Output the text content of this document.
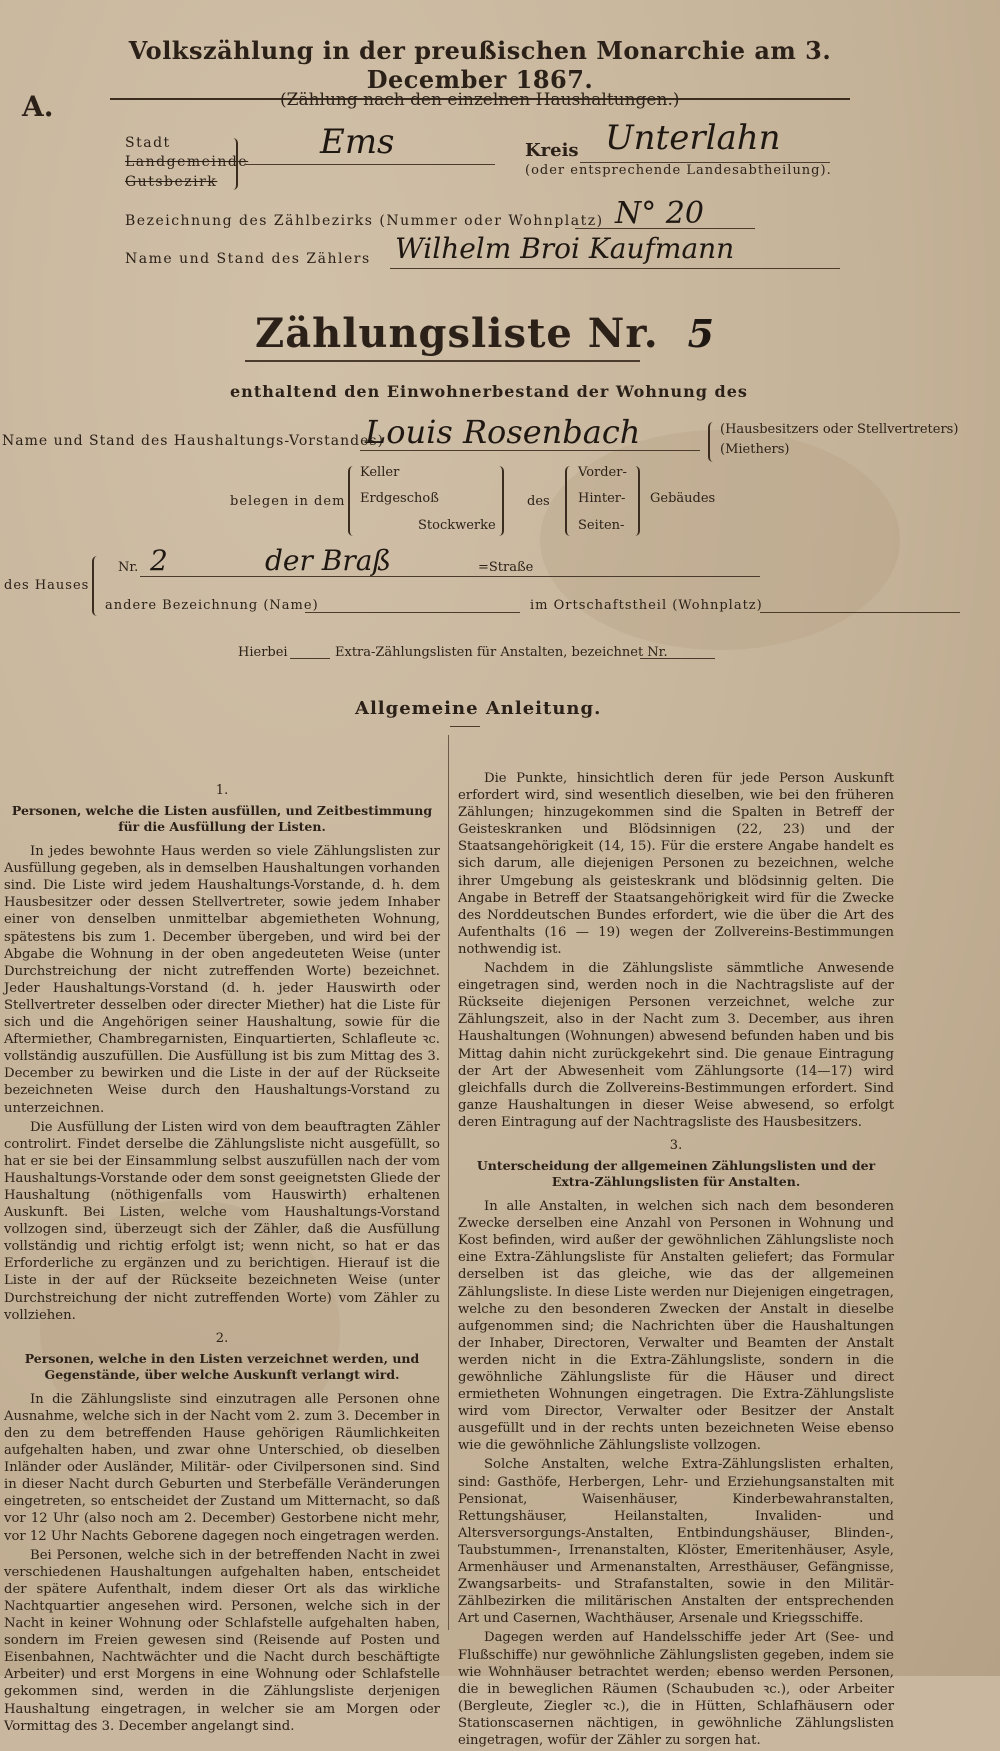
Volkszählung in der preußischen Monarchie am 3. December 1867.
A.	(Zählung nach den einzelnen Haushaltungen.)
Stadt
Landgemeinde
Gutsbezirk
Ems	Kreis Unterlahn
(oder entsprechende Landesabtheilung).
Bezeichnung des Zählbezirks (Nummer oder Wohnplatz) N° 20
Name und Stand des Zählers Wilhelm Broi Kaufmann
Zählungsliste Nr. 5
enthaltend den Einwohnerbestand der Wohnung des
Name und Stand des Haushaltungs-Vorstandes)
Louis Rosenbach	(Hausbesitzers oder Stellvertreters)
(Miethers)
belegen in dem
Keller
Erdgeschoß
Stockwerke
des
Vorder-
Hinter-
Seiten-
Gebäudes
des Hauses
Nr. 2	der Braß	=Straße
andere Bezeichnung (Name)	im Ortschaftstheil (Wohnplatz)
Hierbei	Extra-Zählungslisten für Anstalten, bezeichnet Nr.
Allgemeine Anleitung.
1.
Personen, welche die Listen ausfüllen, und Zeitbestimmung für die Ausfüllung der Listen.

In jedes bewohnte Haus werden so viele Zählungslisten zur Ausfüllung gegeben, als in demselben Haushaltungen vorhanden sind. Die Liste wird jedem Haushaltungs-Vorstande, d. h. dem Hausbesitzer oder dessen Stellvertreter, sowie jedem Inhaber einer von denselben unmittelbar abgemietheten Wohnung, spätestens bis zum 1. December übergeben, und wird bei der Abgabe die Wohnung in der oben angedeuteten Weise (unter Durchstreichung der nicht zutreffenden Worte) bezeichnet. Jeder Haushaltungs-Vorstand (d. h. jeder Hauswirth oder Stellvertreter desselben oder directer Miether) hat die Liste für sich und die Angehörigen seiner Haushaltung, sowie für die Aftermiether, Chambregarnisten, Einquartierten, Schlafleute ꝛc. vollständig auszufüllen. Die Ausfüllung ist bis zum Mittag des 3. December zu bewirken und die Liste in der auf der Rückseite bezeichneten Weise durch den Haushaltungs-Vorstand zu unterzeichnen.

Die Ausfüllung der Listen wird von dem beauftragten Zähler controlirt. Findet derselbe die Zählungsliste nicht ausgefüllt, so hat er sie bei der Einsammlung selbst auszufüllen nach der vom Haushaltungs-Vorstande oder dem sonst geeignetsten Gliede der Haushaltung (nöthigenfalls vom Hauswirth) erhaltenen Auskunft. Bei Listen, welche vom Haushaltungs-Vorstand vollzogen sind, überzeugt sich der Zähler, daß die Ausfüllung vollständig und richtig erfolgt ist; wenn nicht, so hat er das Erforderliche zu ergänzen und zu berichtigen. Hierauf ist die Liste in der auf der Rückseite bezeichneten Weise (unter Durchstreichung der nicht zutreffenden Worte) vom Zähler zu vollziehen.

2.
Personen, welche in den Listen verzeichnet werden, und Gegenstände, über welche Auskunft verlangt wird.

In die Zählungsliste sind einzutragen alle Personen ohne Ausnahme, welche sich in der Nacht vom 2. zum 3. December in den zu dem betreffenden Hause gehörigen Räumlichkeiten aufgehalten haben, und zwar ohne Unterschied, ob dieselben Inländer oder Ausländer, Militär- oder Civilpersonen sind. Sind in dieser Nacht durch Geburten und Sterbefälle Veränderungen eingetreten, so entscheidet der Zustand um Mitternacht, so daß vor 12 Uhr (also noch am 2. December) Gestorbene nicht mehr, vor 12 Uhr Nachts Geborene dagegen noch eingetragen werden.

Bei Personen, welche sich in der betreffenden Nacht in zwei verschiedenen Haushaltungen aufgehalten haben, entscheidet der spätere Aufenthalt, indem dieser Ort als das wirkliche Nachtquartier angesehen wird. Personen, welche sich in der Nacht in keiner Wohnung oder Schlafstelle aufgehalten haben, sondern im Freien gewesen sind (Reisende auf Posten und Eisenbahnen, Nachtwächter und die Nacht durch beschäftigte Arbeiter) und erst Morgens in eine Wohnung oder Schlafstelle gekommen sind, werden in die Zählungsliste derjenigen Haushaltung eingetragen, in welcher sie am Morgen oder Vormittag des 3. December angelangt sind.

Die Punkte, hinsichtlich deren für jede Person Auskunft erfordert wird, sind wesentlich dieselben, wie bei den früheren Zählungen; hinzugekommen sind die Spalten in Betreff der Geisteskranken und Blödsinnigen (22, 23) und der Staatsangehörigkeit (14, 15). Für die erstere Angabe handelt es sich darum, alle diejenigen Personen zu bezeichnen, welche ihrer Umgebung als geisteskrank und blödsinnig gelten. Die Angabe in Betreff der Staatsangehörigkeit wird für die Zwecke des Norddeutschen Bundes erfordert, wie die über die Art des Aufenthalts (16 — 19) wegen der Zollvereins-Bestimmungen nothwendig ist.

Nachdem in die Zählungsliste sämmtliche Anwesende eingetragen sind, werden noch in die Nachtragsliste auf der Rückseite diejenigen Personen verzeichnet, welche zur Zählungszeit, also in der Nacht zum 3. December, aus ihren Haushaltungen (Wohnungen) abwesend befunden haben und bis Mittag dahin nicht zurückgekehrt sind. Die genaue Eintragung der Art der Abwesenheit vom Zählungsorte (14—17) wird gleichfalls durch die Zollvereins-Bestimmungen erfordert. Sind ganze Haushaltungen in dieser Weise abwesend, so erfolgt deren Eintragung auf der Nachtragsliste des Hausbesitzers.

3.
Unterscheidung der allgemeinen Zählungslisten und der Extra-Zählungslisten für Anstalten.

In alle Anstalten, in welchen sich nach dem besonderen Zwecke derselben eine Anzahl von Personen in Wohnung und Kost befinden, wird außer der gewöhnlichen Zählungsliste noch eine Extra-Zählungsliste für Anstalten geliefert; das Formular derselben ist das gleiche, wie das der allgemeinen Zählungsliste. In diese Liste werden nur Diejenigen eingetragen, welche zu den besonderen Zwecken der Anstalt in dieselbe aufgenommen sind; die Nachrichten über die Haushaltungen der Inhaber, Directoren, Verwalter und Beamten der Anstalt werden nicht in die Extra-Zählungsliste, sondern in die gewöhnliche Zählungsliste für die Häuser und direct ermietheten Wohnungen eingetragen. Die Extra-Zählungsliste wird vom Director, Verwalter oder Besitzer der Anstalt ausgefüllt und in der rechts unten bezeichneten Weise ebenso wie die gewöhnliche Zählungsliste vollzogen.

Solche Anstalten, welche Extra-Zählungslisten erhalten, sind: Gasthöfe, Herbergen, Lehr- und Erziehungsanstalten mit Pensionat, Waisenhäuser, Kinderbewahranstalten, Rettungshäuser, Heilanstalten, Invaliden- und Altersversorgungs-Anstalten, Entbindungshäuser, Blinden-, Taubstummen-, Irrenanstalten, Klöster, Emeritenhäuser, Asyle, Armenhäuser und Armenanstalten, Arresthäuser, Gefängnisse, Zwangsarbeits- und Strafanstalten, sowie in den Militär-Zählbezirken die militärischen Anstalten der entsprechenden Art und Casernen, Wachthäuser, Arsenale und Kriegsschiffe.

Dagegen werden auf Handelsschiffe jeder Art (See- und Flußschiffe) nur gewöhnliche Zählungslisten gegeben, indem sie wie Wohnhäuser betrachtet werden; ebenso werden Personen, die in beweglichen Räumen (Schaubuden ꝛc.), oder Arbeiter (Bergleute, Ziegler ꝛc.), die in Hütten, Schlafhäusern oder Stationscasernen nächtigen, in gewöhnliche Zählungslisten eingetragen, wofür der Zähler zu sorgen hat.
